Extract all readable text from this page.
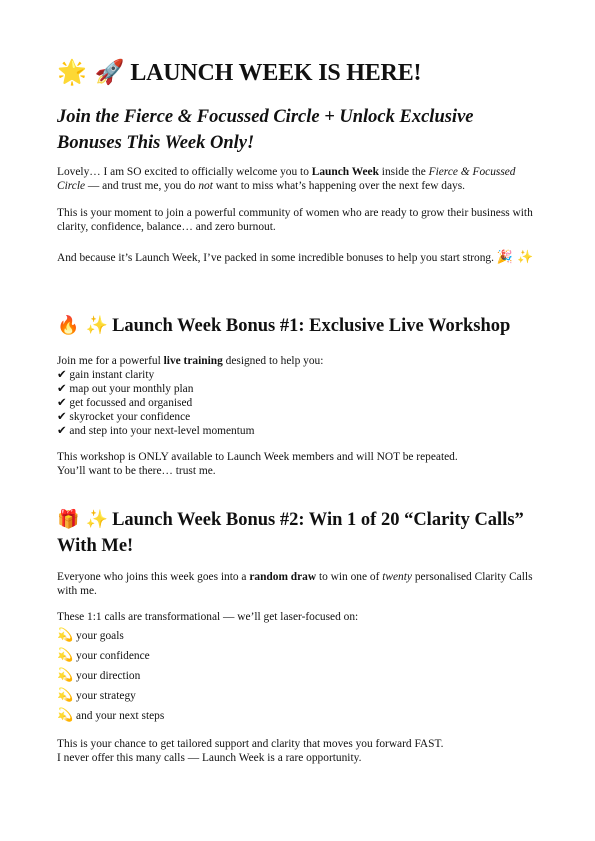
🌟 🚀 LAUNCH WEEK IS HERE!
Join the Fierce & Focussed Circle + Unlock Exclusive Bonuses This Week Only!

Lovely… I am SO excited to officially welcome you to Launch Week inside the Fierce & Focussed Circle — and trust me, you do not want to miss what’s happening over the next few days.

This is your moment to join a powerful community of women who are ready to grow their business with clarity, confidence, balance… and zero burnout.

And because it’s Launch Week, I’ve packed in some incredible bonuses to help you start strong. 🎉 ✨

🔥 ✨ Launch Week Bonus #1: Exclusive Live Workshop

Join me for a powerful live training designed to help you:

✔ gain instant clarity
✔ map out your monthly plan
✔ get focussed and organised
✔ skyrocket your confidence
✔ and step into your next-level momentum

This workshop is ONLY available to Launch Week members and will NOT be repeated.
You’ll want to be there… trust me.

🎁 ✨ Launch Week Bonus #2: Win 1 of 20 “Clarity Calls” With Me!

Everyone who joins this week goes into a random draw to win one of twenty personalised Clarity Calls with me.

These 1:1 calls are transformational — we’ll get laser-focused on:

💫 your goals
💫 your confidence
💫 your direction
💫 your strategy
💫 and your next steps

This is your chance to get tailored support and clarity that moves you forward FAST.
I never offer this many calls — Launch Week is a rare opportunity.
